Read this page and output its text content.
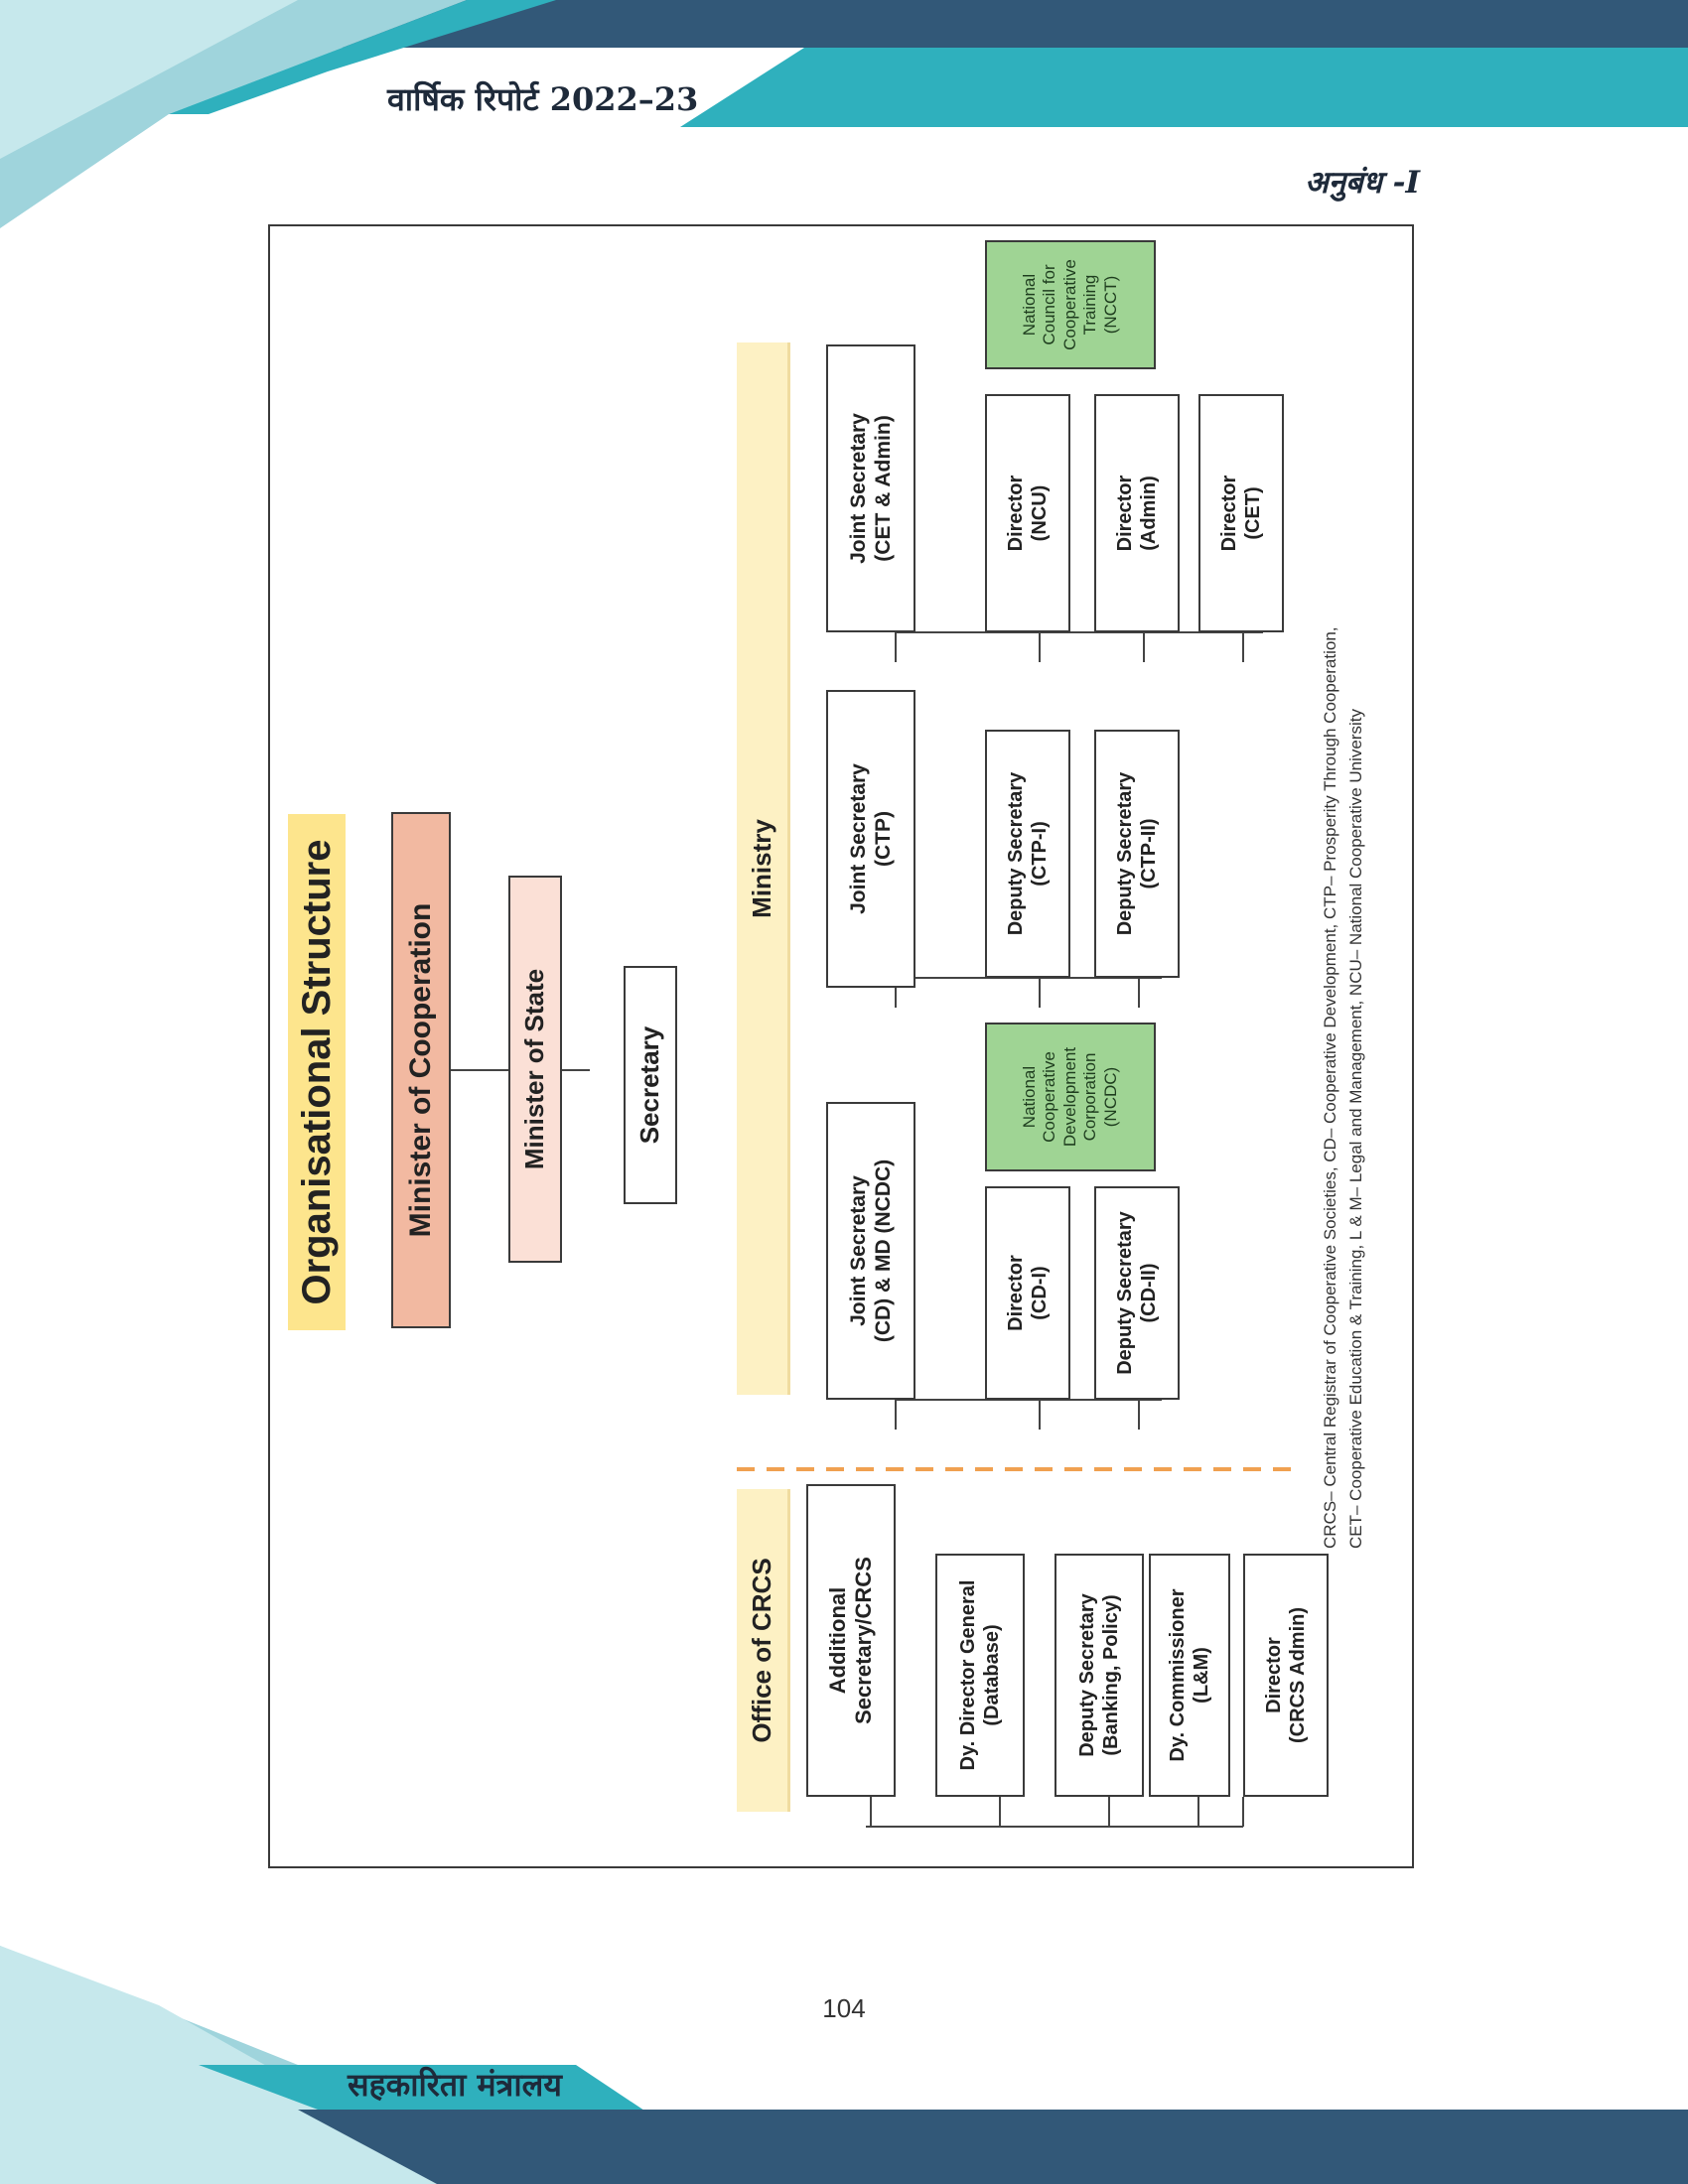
वार्षिक रिपोर्ट 2022–23
अनुबंध -I
Organisational Structure	Minister of Cooperation	Minister of State	Secretary
Office of CRCS
Ministry
Additional
Secretary/CRCS
Dy. Director General
(Database)	Deputy Secretary
(Banking, Policy)
Dy. Commissioner
(L&M)	Director
(CRCS Admin)
Joint Secretary
(CD) & MD (NCDC)
Director
(CD-I)
Deputy Secretary
(CD-II)
National
Cooperative
Development
Corporation
(NCDC)
Joint Secretary
(CTP)
Deputy Secretary
(CTP-I)
Deputy Secretary
(CTP-II)
Joint Secretary
(CET & Admin)
Director
(NCU)	Director
(Admin)	Director
(CET)
National
Council for
Cooperative
Training
(NCCT)
CRCS– Central Registrar of Cooperative Societies, CD– Cooperative Development, CTP– Prosperity Through Cooperation,
CET– Cooperative Education & Training, L & M– Legal and Management, NCU– National Cooperative University
104
सहकारिता मंत्रालय
